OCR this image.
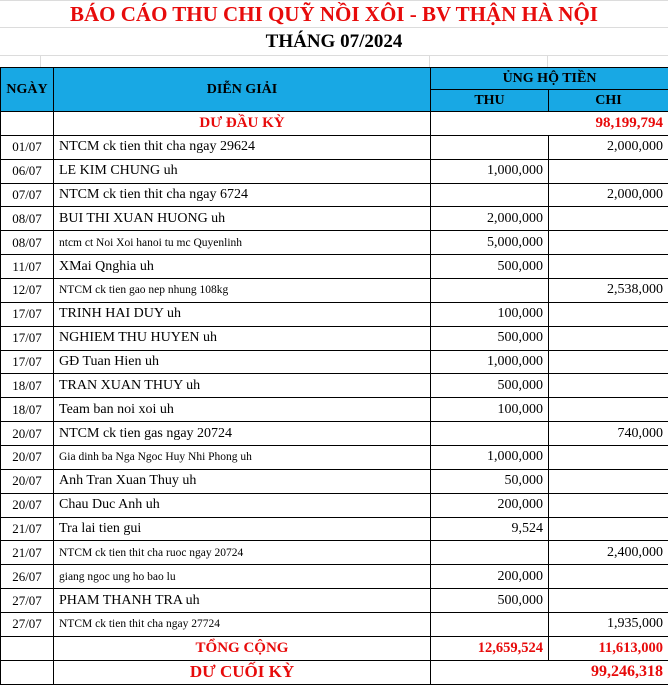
BÁO CÁO THU CHI QUỸ NỒI XÔI - BV THẬN HÀ NỘI
THÁNG 07/2024
NGÀY	DIỄN GIẢI	ỦNG HỘ TIỀN	
		THU	CHI
	DƯ ĐẦU KỲ	98,199,794	
01/07	NTCM ck tien thit cha ngay 29624		2,000,000
06/07	LE KIM CHUNG uh	1,000,000	
07/07	NTCM ck tien thit cha ngay 6724		2,000,000
08/07	BUI THI XUAN HUONG uh	2,000,000	
08/07	ntcm ct Noi Xoi hanoi tu mc Quyenlinh	5,000,000	
11/07	XMai Qnghia uh	500,000	
12/07	NTCM ck tien gao nep nhung 108kg		2,538,000
17/07	TRINH HAI DUY uh	100,000	
17/07	NGHIEM THU HUYEN uh	500,000	
17/07	GĐ Tuan Hien uh	1,000,000	
18/07	TRAN XUAN THUY uh	500,000	
18/07	Team ban noi xoi uh	100,000	
20/07	NTCM ck tien gas ngay 20724		740,000
20/07	Gia dinh ba Nga Ngoc Huy Nhi Phong uh	1,000,000	
20/07	Anh Tran Xuan Thuy uh	50,000	
20/07	Chau Duc Anh uh	200,000	
21/07	Tra lai tien gui	9,524	
21/07	NTCM ck tien thit cha ruoc ngay 20724		2,400,000
26/07	giang ngoc ung ho bao lu	200,000	
27/07	PHAM THANH TRA uh	500,000	
27/07	NTCM ck tien thit cha ngay 27724		1,935,000
	TỔNG CỘNG	12,659,524	11,613,000
	DƯ CUỐI KỲ	99,246,318	
